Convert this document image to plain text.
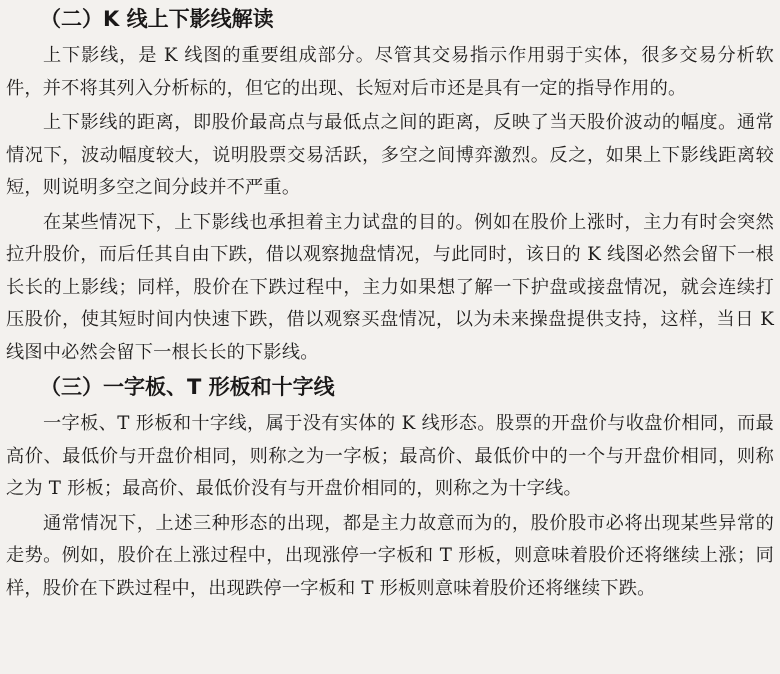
（二）K 线上下影线解读

上下影线，是 K 线图的重要组成部分。尽管其交易指示作用弱于实体，很多交易分析软件，并不将其列入分析标的，但它的出现、长短对后市还是具有一定的指导作用的。

上下影线的距离，即股价最高点与最低点之间的距离，反映了当天股价波动的幅度。通常情况下，波动幅度较大，说明股票交易活跃，多空之间博弈激烈。反之，如果上下影线距离较短，则说明多空之间分歧并不严重。

在某些情况下，上下影线也承担着主力试盘的目的。例如在股价上涨时，主力有时会突然拉升股价，而后任其自由下跌，借以观察抛盘情况，与此同时，该日的 K 线图必然会留下一根长长的上影线；同样，股价在下跌过程中，主力如果想了解一下护盘或接盘情况，就会连续打压股价，使其短时间内快速下跌，借以观察买盘情况，以为未来操盘提供支持，这样，当日 K 线图中必然会留下一根长长的下影线。

（三）一字板、T 形板和十字线

一字板、T 形板和十字线，属于没有实体的 K 线形态。股票的开盘价与收盘价相同，而最高价、最低价与开盘价相同，则称之为一字板；最高价、最低价中的一个与开盘价相同，则称之为 T 形板；最高价、最低价没有与开盘价相同的，则称之为十字线。

通常情况下，上述三种形态的出现，都是主力故意而为的，股价股市必将出现某些异常的走势。例如，股价在上涨过程中，出现涨停一字板和 T 形板，则意味着股价还将继续上涨；同样，股价在下跌过程中，出现跌停一字板和 T 形板则意味着股价还将继续下跌。
